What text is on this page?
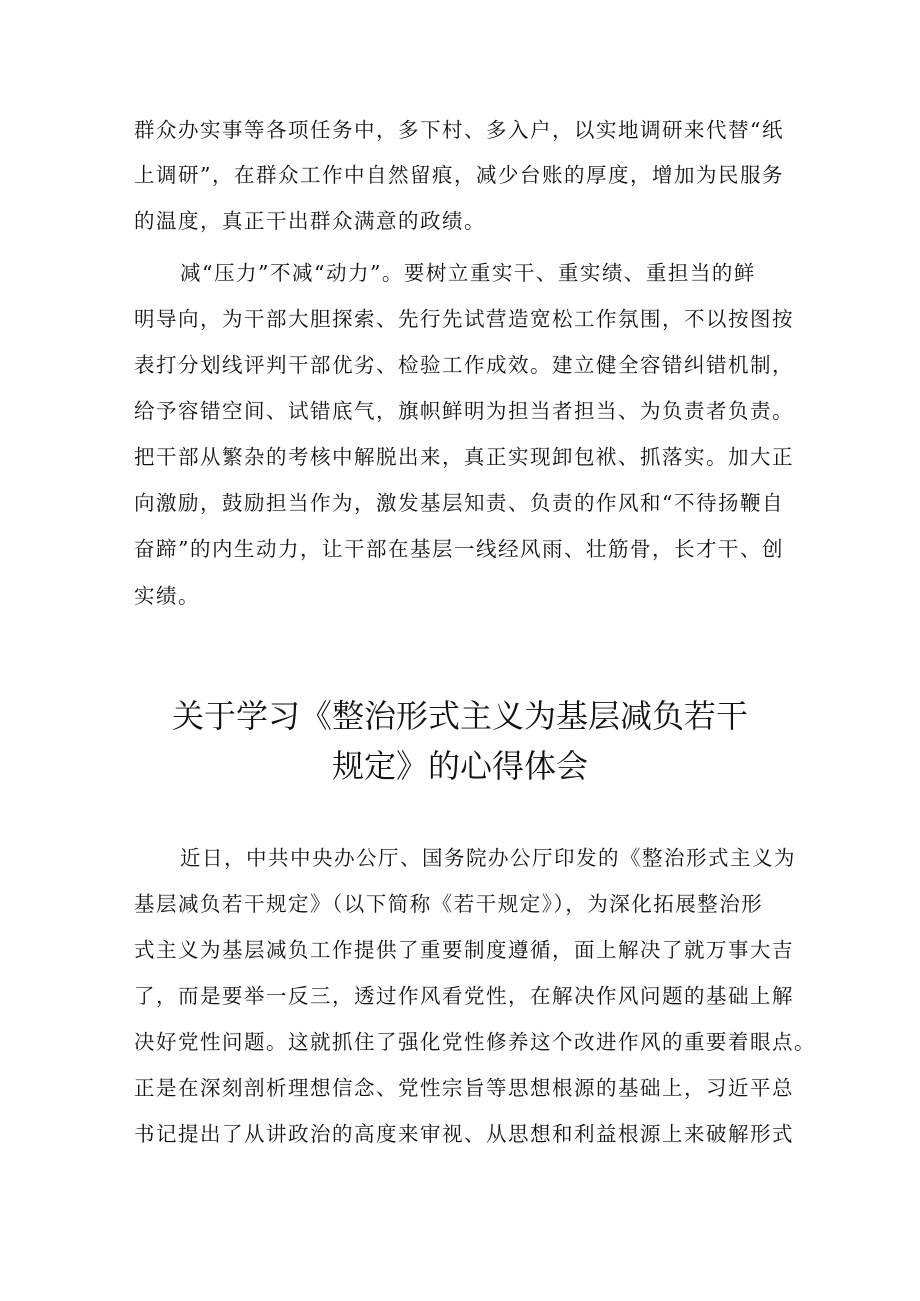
群众办实事等各项任务中，多下村、多入户，以实地调研来代替“纸
上调研”，在群众工作中自然留痕，减少台账的厚度，增加为民服务
的温度，真正干出群众满意的政绩。
减“压力”不减“动力”。要树立重实干、重实绩、重担当的鲜
明导向，为干部大胆探索、先行先试营造宽松工作氛围，不以按图按
表打分划线评判干部优劣、检验工作成效。建立健全容错纠错机制，
给予容错空间、试错底气，旗帜鲜明为担当者担当、为负责者负责。
把干部从繁杂的考核中解脱出来，真正实现卸包袱、抓落实。加大正
向激励，鼓励担当作为，激发基层知责、负责的作风和“不待扬鞭自
奋蹄”的内生动力，让干部在基层一线经风雨、壮筋骨，长才干、创
实绩。
关于学习《整治形式主义为基层减负若干
规定》的心得体会
近日，中共中央办公厅、国务院办公厅印发的《整治形式主义为
基层减负若干规定》（以下简称《若干规定》），为深化拓展整治形
式主义为基层减负工作提供了重要制度遵循，面上解决了就万事大吉
了，而是要举一反三，透过作风看党性，在解决作风问题的基础上解
决好党性问题。这就抓住了强化党性修养这个改进作风的重要着眼点。
正是在深刻剖析理想信念、党性宗旨等思想根源的基础上，习近平总
书记提出了从讲政治的高度来审视、从思想和利益根源上来破解形式
